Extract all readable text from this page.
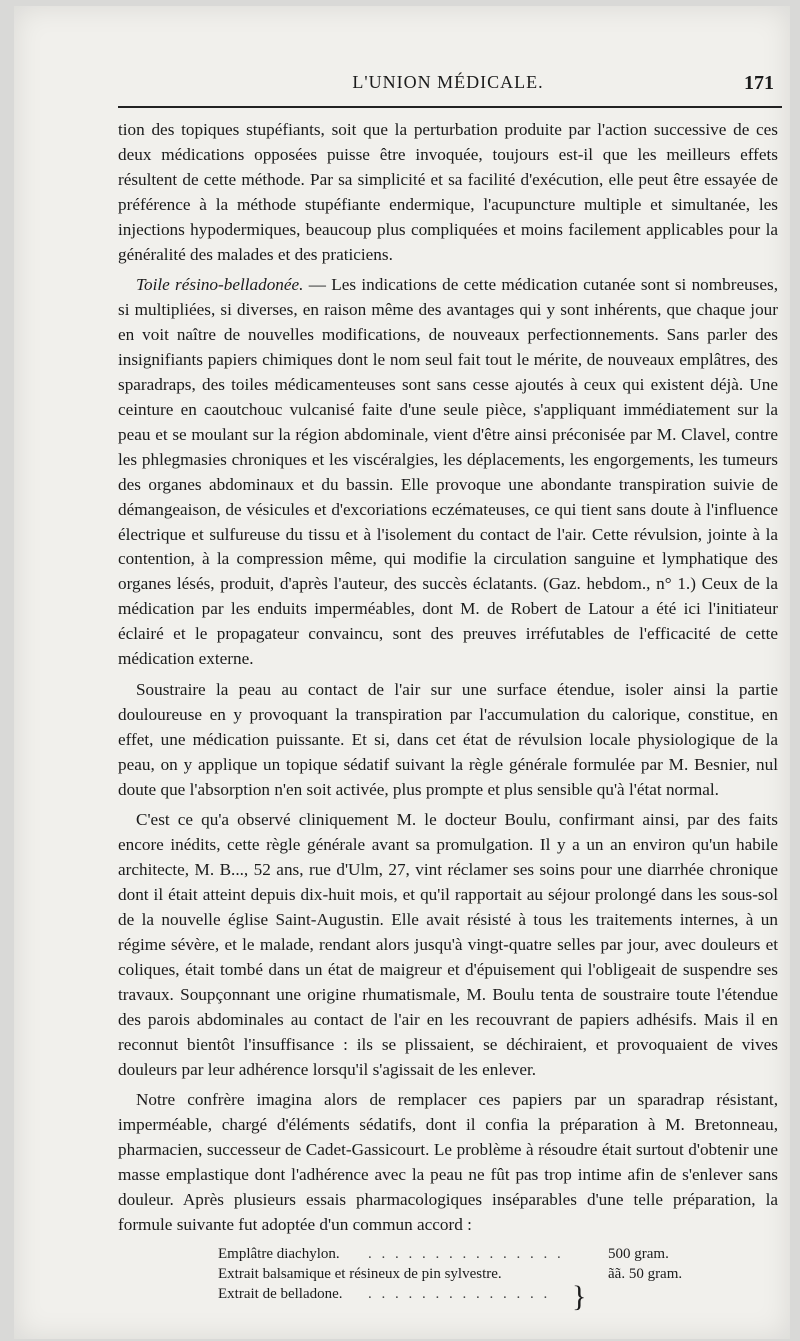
L'UNION MÉDICALE.	171

tion des topiques stupéfiants, soit que la perturbation produite par l'action successive de ces deux médications opposées puisse être invoquée, toujours est-il que les meilleurs effets résultent de cette méthode. Par sa simplicité et sa facilité d'exécution, elle peut être essayée de préférence à la méthode stupéfiante endermique, l'acupuncture multiple et simultanée, les injections hypodermiques, beaucoup plus compliquées et moins facilement applicables pour la généralité des malades et des praticiens.

Toile résino-belladonée. — Les indications de cette médication cutanée sont si nombreuses, si multipliées, si diverses, en raison même des avantages qui y sont inhérents, que chaque jour en voit naître de nouvelles modifications, de nouveaux perfectionnements. Sans parler des insignifiants papiers chimiques dont le nom seul fait tout le mérite, de nouveaux emplâtres, des sparadraps, des toiles médicamenteuses sont sans cesse ajoutés à ceux qui existent déjà. Une ceinture en caoutchouc vulcanisé faite d'une seule pièce, s'appliquant immédiatement sur la peau et se moulant sur la région abdominale, vient d'être ainsi préconisée par M. Clavel, contre les phlegmasies chroniques et les viscéralgies, les déplacements, les engorgements, les tumeurs des organes abdominaux et du bassin. Elle provoque une abondante transpiration suivie de démangeaison, de vésicules et d'excoriations eczémateuses, ce qui tient sans doute à l'influence électrique et sulfureuse du tissu et à l'isolement du contact de l'air. Cette révulsion, jointe à la contention, à la compression même, qui modifie la circulation sanguine et lymphatique des organes lésés, produit, d'après l'auteur, des succès éclatants. (Gaz. hebdom., n° 1.) Ceux de la médication par les enduits imperméables, dont M. de Robert de Latour a été ici l'initiateur éclairé et le propagateur convaincu, sont des preuves irréfutables de l'efficacité de cette médication externe.

Soustraire la peau au contact de l'air sur une surface étendue, isoler ainsi la partie douloureuse en y provoquant la transpiration par l'accumulation du calorique, constitue, en effet, une médication puissante. Et si, dans cet état de révulsion locale physiologique de la peau, on y applique un topique sédatif suivant la règle générale formulée par M. Besnier, nul doute que l'absorption n'en soit activée, plus prompte et plus sensible qu'à l'état normal.

C'est ce qu'a observé cliniquement M. le docteur Boulu, confirmant ainsi, par des faits encore inédits, cette règle générale avant sa promulgation. Il y a un an environ qu'un habile architecte, M. B..., 52 ans, rue d'Ulm, 27, vint réclamer ses soins pour une diarrhée chronique dont il était atteint depuis dix-huit mois, et qu'il rapportait au séjour prolongé dans les sous-sol de la nouvelle église Saint-Augustin. Elle avait résisté à tous les traitements internes, à un régime sévère, et le malade, rendant alors jusqu'à vingt-quatre selles par jour, avec douleurs et coliques, était tombé dans un état de maigreur et d'épuisement qui l'obligeait de suspendre ses travaux. Soupçonnant une origine rhumatismale, M. Boulu tenta de soustraire toute l'étendue des parois abdominales au contact de l'air en les recouvrant de papiers adhésifs. Mais il en reconnut bientôt l'insuffisance : ils se plissaient, se déchiraient, et provoquaient de vives douleurs par leur adhérence lorsqu'il s'agissait de les enlever.

Notre confrère imagina alors de remplacer ces papiers par un sparadrap résistant, imperméable, chargé d'éléments sédatifs, dont il confia la préparation à M. Bretonneau, pharmacien, successeur de Cadet-Gassicourt. Le problème à résoudre était surtout d'obtenir une masse emplastique dont l'adhérence avec la peau ne fût pas trop intime afin de s'enlever sans douleur. Après plusieurs essais pharmacologiques inséparables d'une telle préparation, la formule suivante fut adoptée d'un commun accord :

Emplâtre diachylon. . . . . . . . . . . . . . . .	500 gram.
Extrait balsamique et résineux de pin sylvestre.
}
ãã. 50 gram.
Extrait de belladone. . . . . . . . . . . . . . .
